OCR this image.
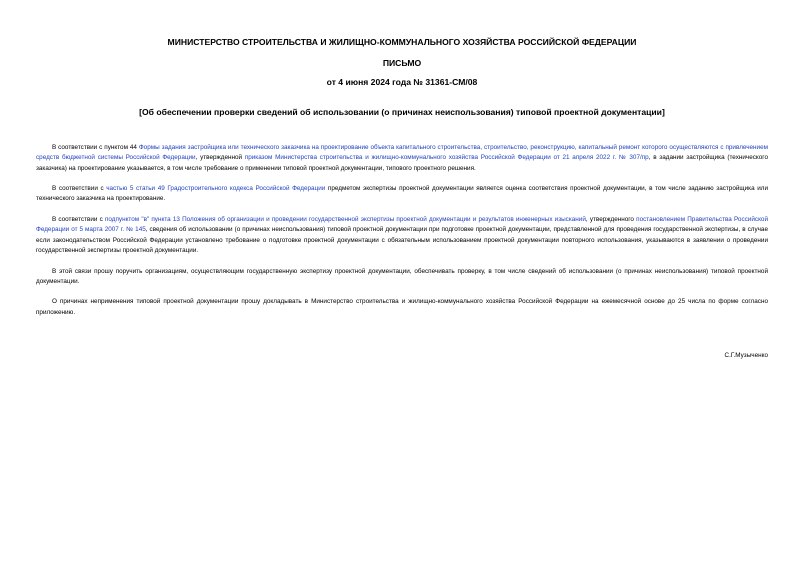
МИНИСТЕРСТВО СТРОИТЕЛЬСТВА И ЖИЛИЩНО-КОММУНАЛЬНОГО ХОЗЯЙСТВА РОССИЙСКОЙ ФЕДЕРАЦИИ

ПИСЬМО

от 4 июня 2024 года № 31361-СМ/08

[Об обеспечении проверки сведений об использовании (о причинах неиспользования) типовой проектной документации]

В соответствии с пунктом 44 Формы задания застройщика или технического заказчика на проектирование объекта капитального строительства, строительство, реконструкцию, капитальный ремонт которого осуществляются с привлечением средств бюджетной системы Российской Федерации, утвержденной приказом Министерства строительства и жилищно-коммунального хозяйства Российской Федерации от 21 апреля 2022 г. № 307/пр, в задании застройщика (технического заказчика) на проектирование указывается, в том числе требование о применении типовой проектной документации, типового проектного решения.

В соответствии с частью 5 статьи 49 Градостроительного кодекса Российской Федерации предметом экспертизы проектной документации является оценка соответствия проектной документации, в том числе заданию застройщика или технического заказчика на проектирование.

В соответствии с подпунктом "в" пункта 13 Положения об организации и проведении государственной экспертизы проектной документации и результатов инженерных изысканий, утвержденного постановлением Правительства Российской Федерации от 5 марта 2007 г. № 145, сведения об использовании (о причинах неиспользования) типовой проектной документации при подготовке проектной документации, представленной для проведения государственной экспертизы, в случае если законодательством Российской Федерации установлено требование о подготовке проектной документации с обязательным использованием проектной документации повторного использования, указываются в заявлении о проведении государственной экспертизы проектной документации.

В этой связи прошу поручить организациям, осуществляющим государственную экспертизу проектной документации, обеспечивать проверку, в том числе сведений об использовании (о причинах неиспользования) типовой проектной документации.

О причинах неприменения типовой проектной документации прошу докладывать в Министерство строительства и жилищно-коммунального хозяйства Российской Федерации на ежемесячной основе до 25 числа по форме согласно приложению.

С.Г.Музыченко
